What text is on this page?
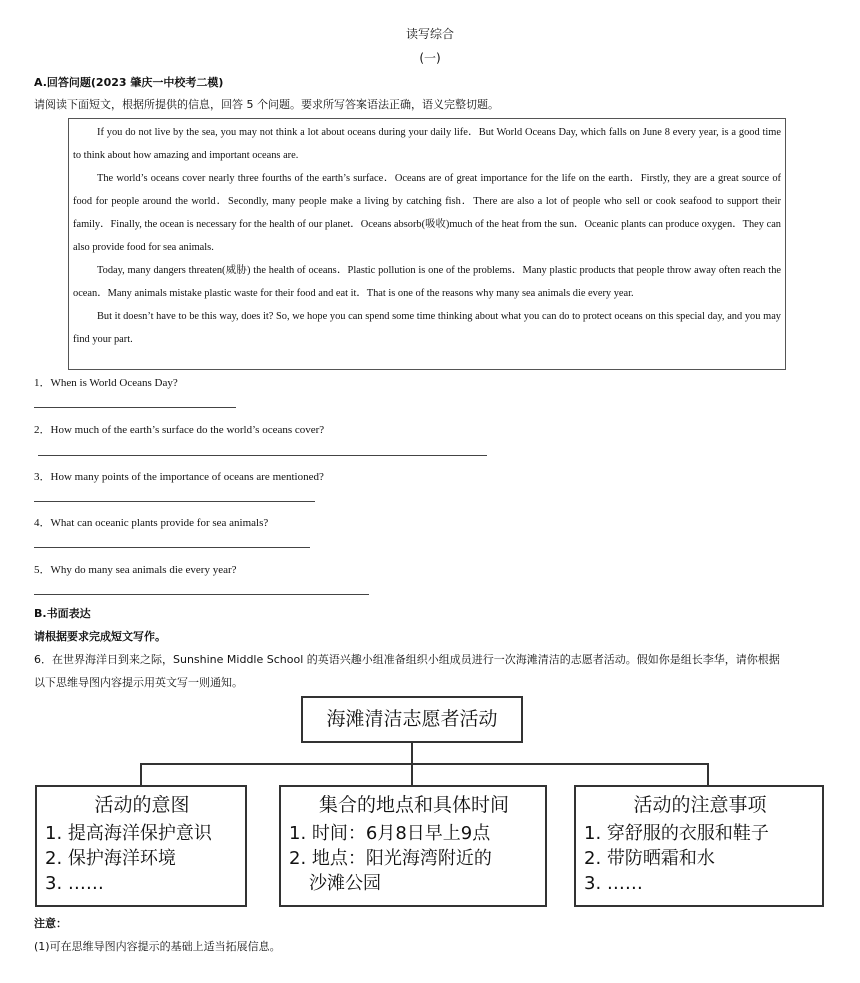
读写综合
(一)
A.回答问题(2023 肇庆一中校考二模)
请阅读下面短文，根据所提供的信息，回答 5 个问题。要求所写答案语法正确，语义完整切题。

If you do not live by the sea, you may not think a lot about oceans during your daily life．But World Oceans Day, which falls on June 8 every year, is a good time to think about how amazing and important oceans are.

The world’s oceans cover nearly three fourths of the earth’s surface．Oceans are of great importance for the life on the earth．Firstly, they are a great source of food for people around the world．Secondly, many people make a living by catching fish．There are also a lot of people who sell or cook seafood to support their family．Finally, the ocean is necessary for the health of our planet．Oceans absorb(吸收)much of the heat from the sun．Oceanic plants can produce oxygen．They can also provide food for sea animals.

Today, many dangers threaten(威胁) the health of oceans．Plastic pollution is one of the problems．Many plastic products that people throw away often reach the ocean．Many animals mistake plastic waste for their food and eat it．That is one of the reasons why many sea animals die every year.

But it doesn’t have to be this way, does it? So, we hope you can spend some time thinking about what you can do to protect oceans on this special day, and you may find your part.

1．When is World Oceans Day?
2．How much of the earth’s surface do the world’s oceans cover?
3．How many points of the importance of oceans are mentioned?
4．What can oceanic plants provide for sea animals?
5．Why do many sea animals die every year?
B.书面表达
请根据要求完成短文写作。
6．在世界海洋日到来之际，Sunshine Middle School 的英语兴趣小组准备组织小组成员进行一次海滩清洁的志愿者活动。假如你是组长李华，请你根据
以下思维导图内容提示用英文写一则通知。
海滩清洁志愿者活动
活动的意图
1. 提高海洋保护意识
2. 保护海洋环境
3. ……
集合的地点和具体时间
1. 时间：6月8日早上9点
2. 地点：阳光海湾附近的
沙滩公园
活动的注意事项
1. 穿舒服的衣服和鞋子
2. 带防晒霜和水
3. ……
注意：
(1)可在思维导图内容提示的基础上适当拓展信息。
